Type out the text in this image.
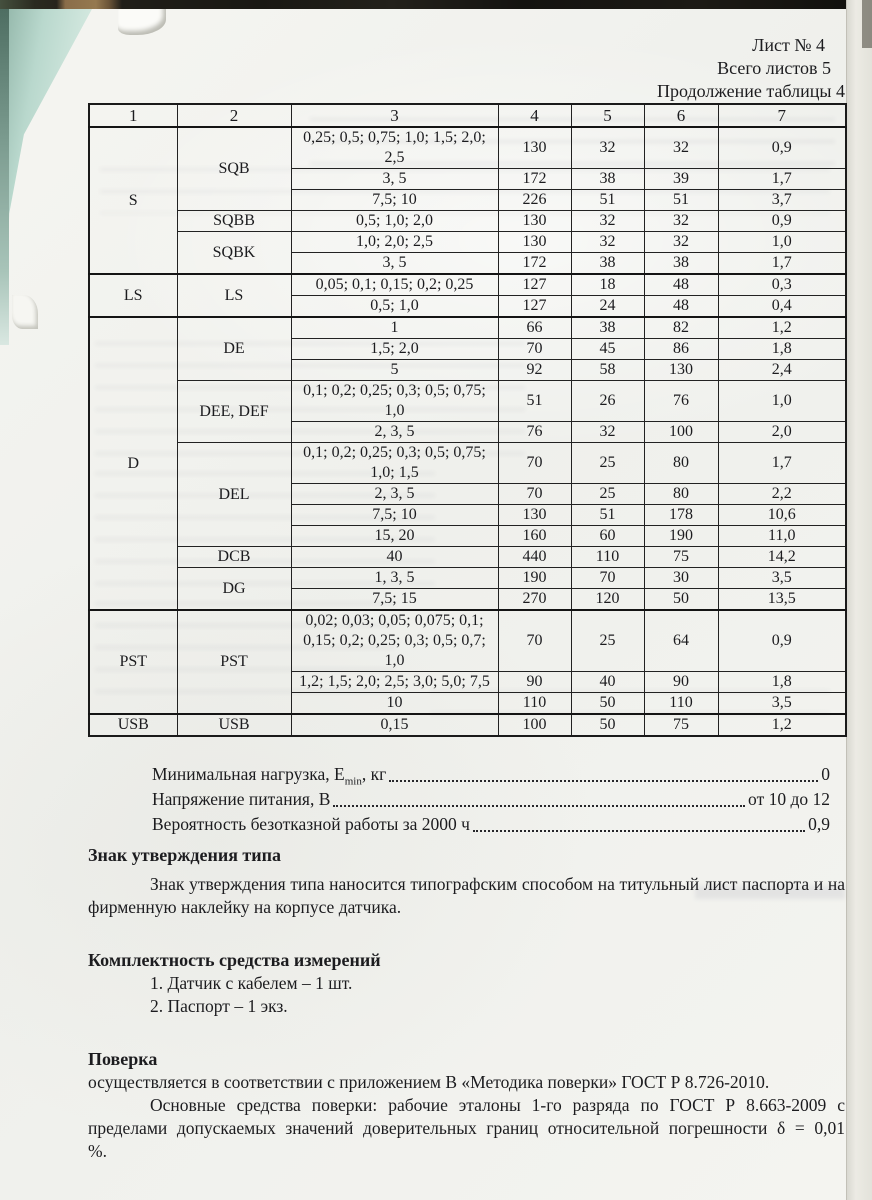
Лист № 4
Всего листов 5
Продолжение таблицы 4
1	2	3	4	5	6	7
S	SQB	0,25; 0,5; 0,75; 1,0; 1,5; 2,0; 2,5	130	32	32	0,9
		3, 5	172	38	39	1,7
		7,5; 10	226	51	51	3,7
	SQBB	0,5; 1,0; 2,0	130	32	32	0,9
	SQBK	1,0; 2,0; 2,5	130	32	32	1,0
		3, 5	172	38	38	1,7
LS	LS	0,05; 0,1; 0,15; 0,2; 0,25	127	18	48	0,3
		0,5; 1,0	127	24	48	0,4
D	DE	1	66	38	82	1,2
		1,5; 2,0	70	45	86	1,8
		5	92	58	130	2,4
	DEE, DEF	0,1; 0,2; 0,25; 0,3; 0,5; 0,75; 1,0	51	26	76	1,0
		2, 3, 5	76	32	100	2,0
	DEL	0,1; 0,2; 0,25; 0,3; 0,5; 0,75; 1,0; 1,5	70	25	80	1,7
		2, 3, 5	70	25	80	2,2
		7,5; 10	130	51	178	10,6
		15, 20	160	60	190	11,0
	DCB	40	440	110	75	14,2
	DG	1, 3, 5	190	70	30	3,5
		7,5; 15	270	120	50	13,5
PST	PST	0,02; 0,03; 0,05; 0,075; 0,1; 0,15; 0,2; 0,25; 0,3; 0,5; 0,7; 1,0	70	25	64	0,9
		1,2; 1,5; 2,0; 2,5; 3,0; 5,0; 7,5	90	40	90	1,8
		10	110	50	110	3,5
USB	USB	0,15	100	50	75	1,2
Минимальная нагрузка, $E_{min}$, кг	0
Напряжение питания, В	от 10 до 12
Вероятность безотказной работы за 2000 ч	0,9
Знак утверждения типа

Знак утверждения типа наносится типографским способом на титульный лист паспорта и на фирменную наклейку на корпусе датчика.

Комплектность средства измерений

1. Датчик с кабелем – 1 шт.

2. Паспорт – 1 экз.

Поверка

осуществляется в соответствии с приложением В «Методика поверки» ГОСТ Р 8.726-2010.

Основные средства поверки: рабочие эталоны 1-го разряда по ГОСТ Р 8.663-2009 с пределами допускаемых значений доверительных границ относительной погрешности δ = 0,01 %.
